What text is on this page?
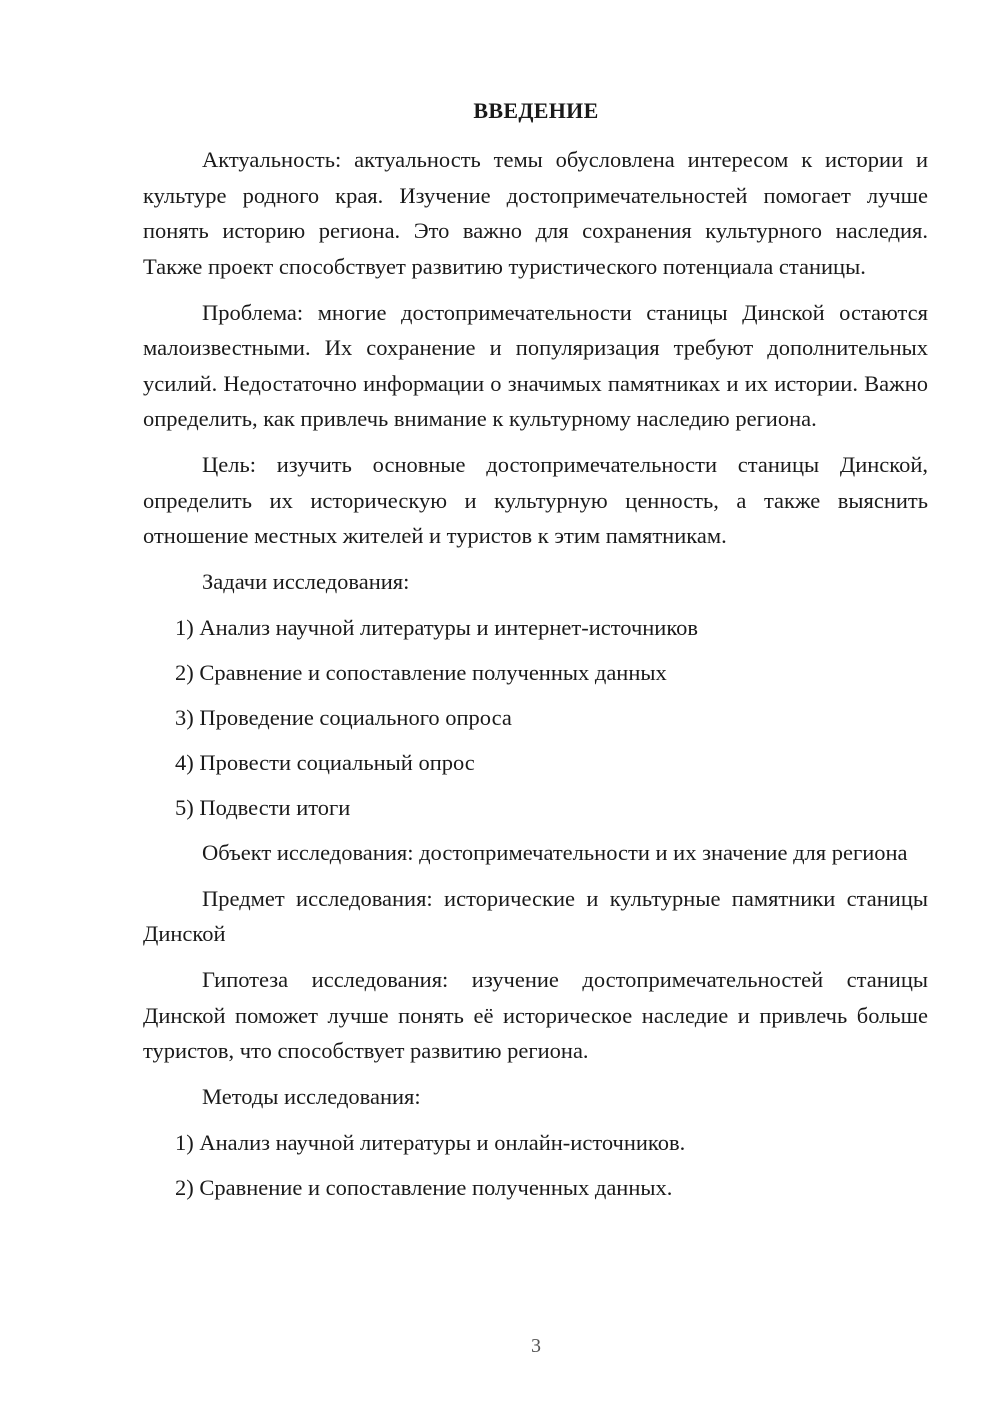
ВВЕДЕНИЕ

Актуальность: актуальность темы обусловлена интересом к истории и культуре родного края. Изучение достопримечательностей помогает лучше понять историю региона. Это важно для сохранения культурного наследия. Также проект способствует развитию туристического потенциала станицы.

Проблема: многие достопримечательности станицы Динской остаются малоизвестными. Их сохранение и популяризация требуют дополнительных усилий. Недостаточно информации о значимых памятниках и их истории. Важно определить, как привлечь внимание к культурному наследию региона.

Цель: изучить основные достопримечательности станицы Динской, определить их историческую и культурную ценность, а также выяснить отношение местных жителей и туристов к этим памятникам.

Задачи исследования:

1) Анализ научной литературы и интернет-источников
2) Сравнение и сопоставление полученных данных
3) Проведение социального опроса
4) Провести социальный опрос
5) Подвести итоги

Объект исследования: достопримечательности и их значение для региона

Предмет исследования: исторические и культурные памятники станицы Динской

Гипотеза исследования: изучение достопримечательностей станицы Динской поможет лучше понять её историческое наследие и привлечь больше туристов, что способствует развитию региона.

Методы исследования:

1) Анализ научной литературы и онлайн-источников.
2) Сравнение и сопоставление полученных данных.
3
